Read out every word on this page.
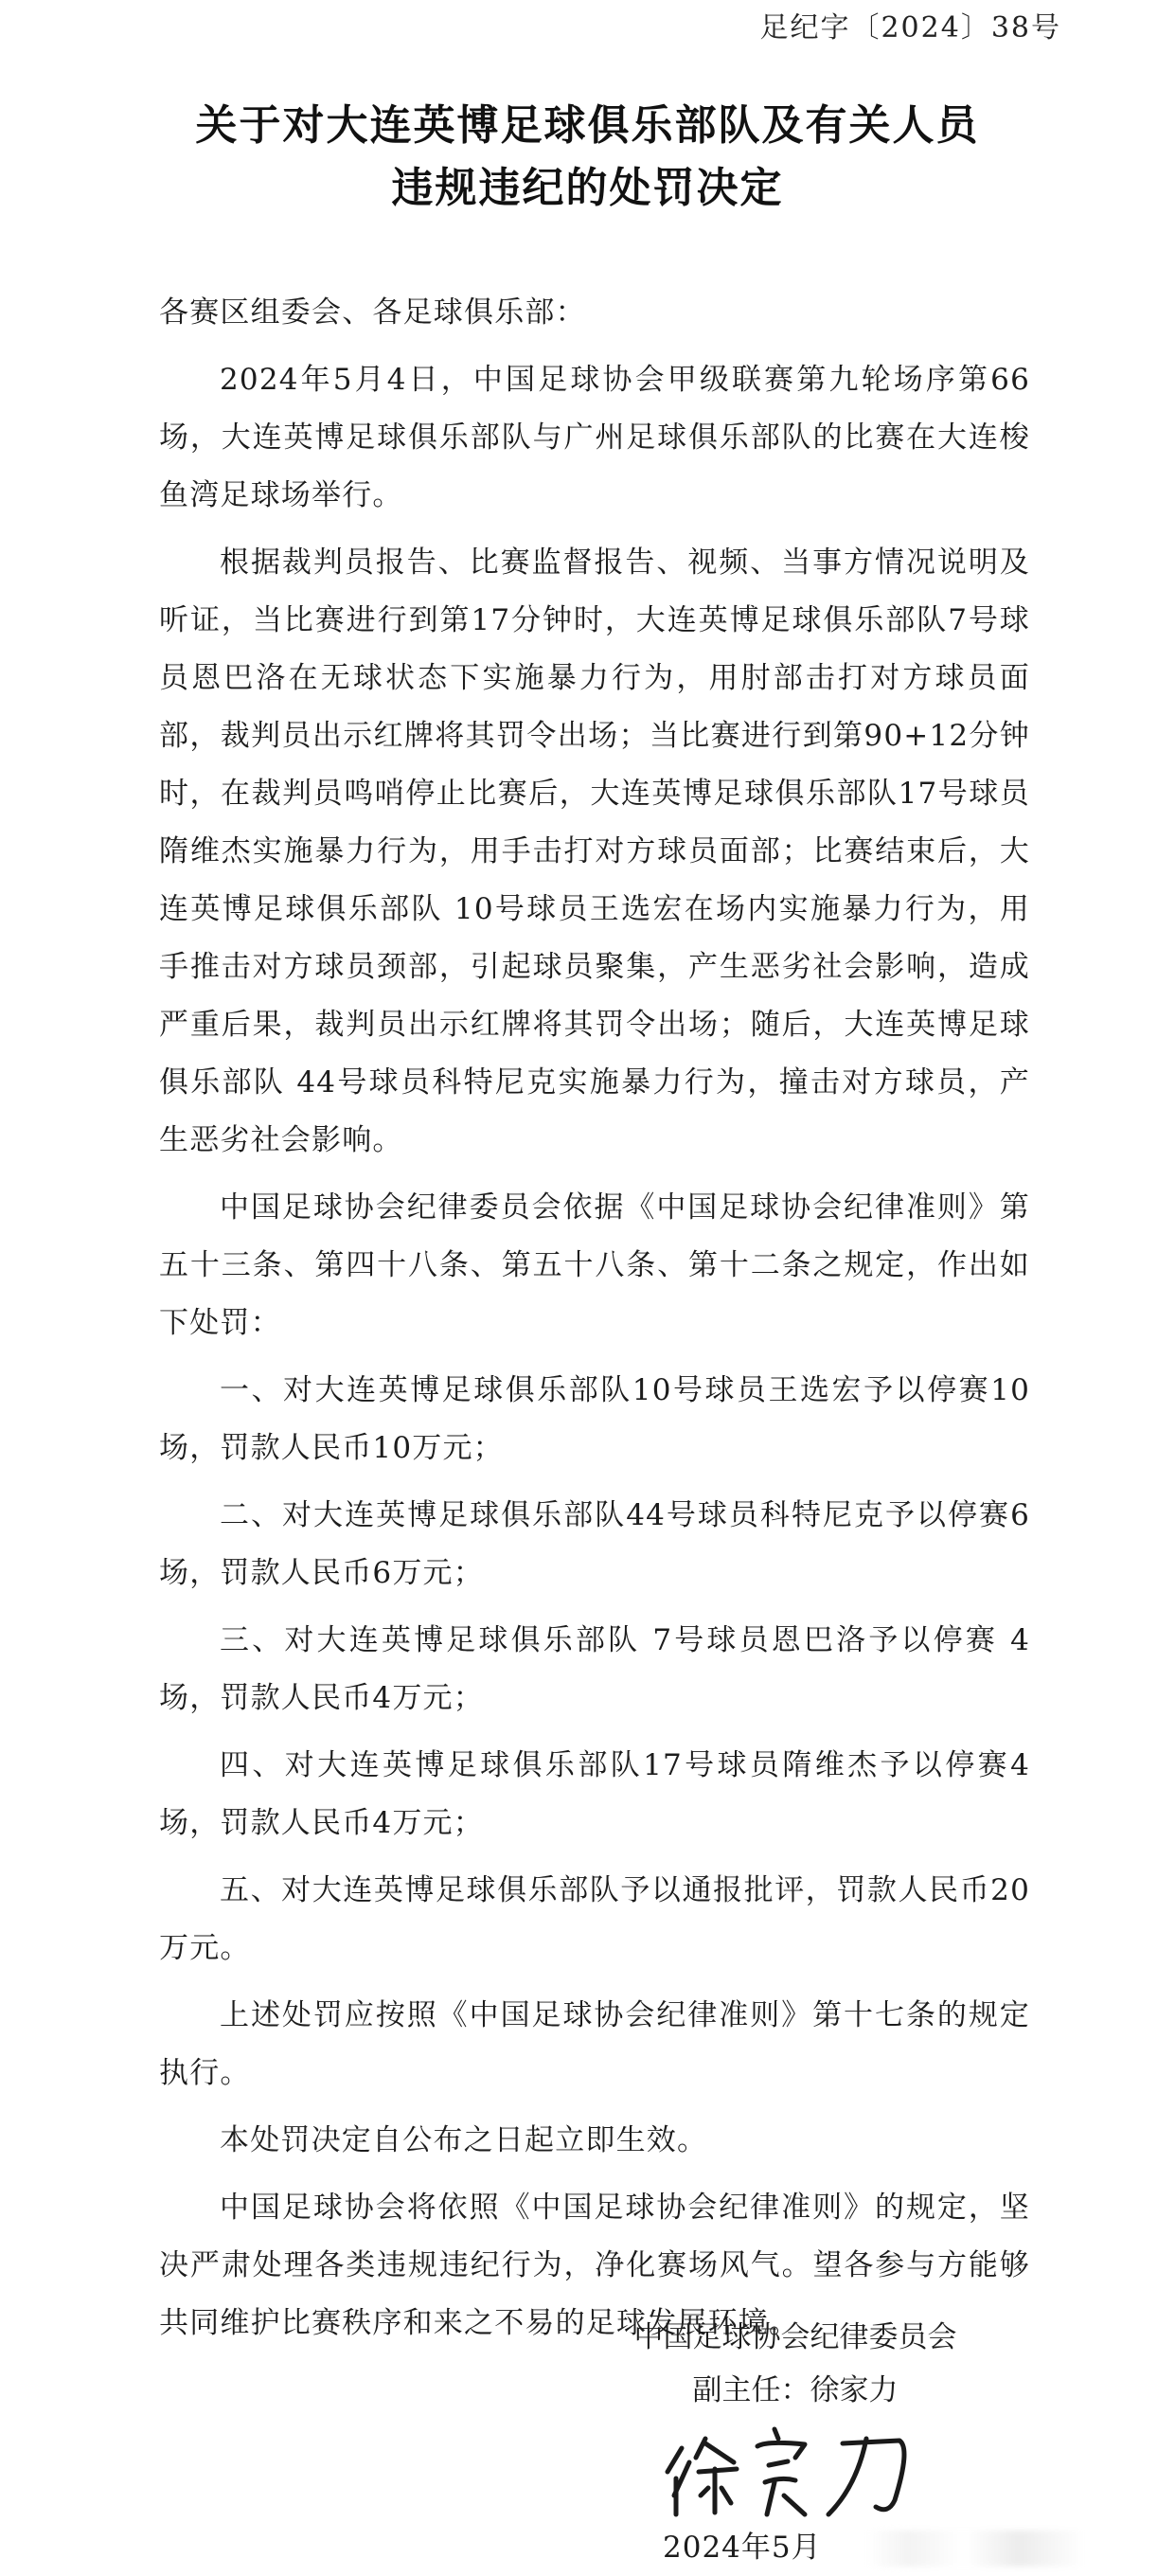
足纪字〔2024〕38号
关于对大连英博足球俱乐部队及有关人员
违规违纪的处罚决定

各赛区组委会、各足球俱乐部：

2024年5月4日，中国足球协会甲级联赛第九轮场序第66场，大连英博足球俱乐部队与广州足球俱乐部队的比赛在大连梭鱼湾足球场举行。

根据裁判员报告、比赛监督报告、视频、当事方情况说明及听证，当比赛进行到第17分钟时，大连英博足球俱乐部队7号球员恩巴洛在无球状态下实施暴力行为，用肘部击打对方球员面部，裁判员出示红牌将其罚令出场；当比赛进行到第90+12分钟时，在裁判员鸣哨停止比赛后，大连英博足球俱乐部队17号球员隋维杰实施暴力行为，用手击打对方球员面部；比赛结束后，大连英博足球俱乐部队 10号球员王选宏在场内实施暴力行为，用手推击对方球员颈部，引起球员聚集，产生恶劣社会影响，造成严重后果，裁判员出示红牌将其罚令出场；随后，大连英博足球俱乐部队 44号球员科特尼克实施暴力行为，撞击对方球员，产生恶劣社会影响。

中国足球协会纪律委员会依据《中国足球协会纪律准则》第五十三条、第四十八条、第五十八条、第十二条之规定，作出如下处罚：

一、对大连英博足球俱乐部队10号球员王选宏予以停赛10场，罚款人民币10万元；

二、对大连英博足球俱乐部队44号球员科特尼克予以停赛6场，罚款人民币6万元；

三、对大连英博足球俱乐部队 7号球员恩巴洛予以停赛 4场，罚款人民币4万元；

四、对大连英博足球俱乐部队17号球员隋维杰予以停赛4场，罚款人民币4万元；

五、对大连英博足球俱乐部队予以通报批评，罚款人民币20万元。

上述处罚应按照《中国足球协会纪律准则》第十七条的规定执行。

本处罚决定自公布之日起立即生效。

中国足球协会将依照《中国足球协会纪律准则》的规定，坚决严肃处理各类违规违纪行为，净化赛场风气。望各参与方能够共同维护比赛秩序和来之不易的足球发展环境。

中国足球协会纪律委员会
副主任：徐家力
2024年5月
